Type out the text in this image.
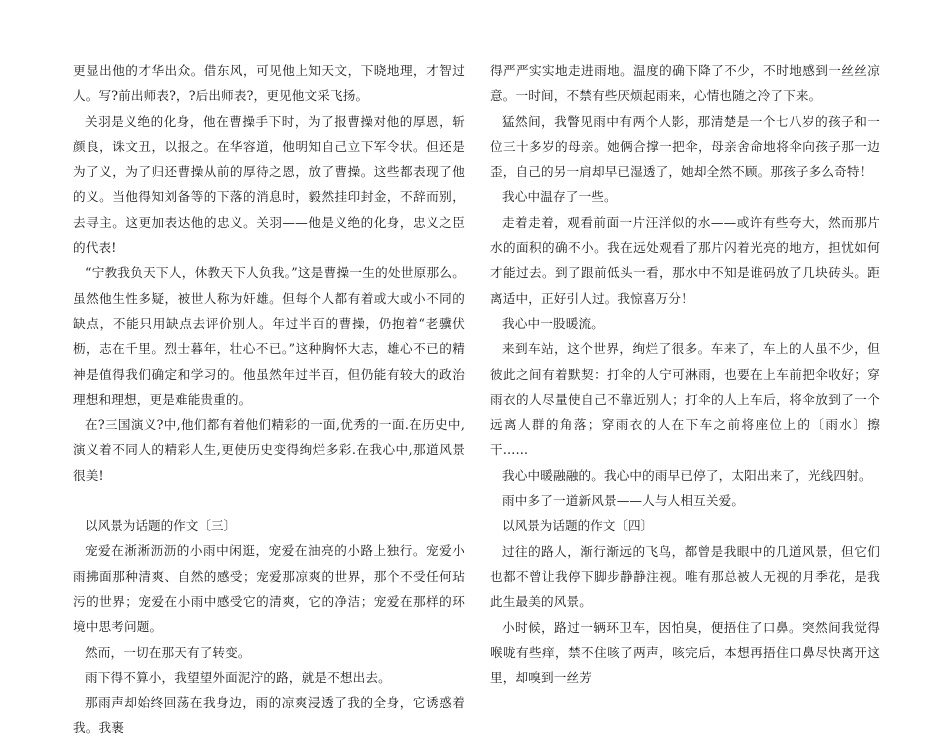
更显出他的才华出众。借东风，可见他上知天文，下晓地理，才智过人。写?前出师表?，?后出师表?，更见他文采飞扬。

关羽是义绝的化身，他在曹操手下时，为了报曹操对他的厚恩，斩颜良，诛文丑，以报之。在华容道，他明知自己立下军令状。但还是为了义，为了归还曹操从前的厚待之恩，放了曹操。这些都表现了他的义。当他得知刘备等的下落的消息时，毅然挂印封金，不辞而别，去寻主。这更加表达他的忠义。关羽——他是义绝的化身，忠义之臣的代表!

“宁教我负天下人，休教天下人负我。”这是曹操一生的处世原那么。虽然他生性多疑，被世人称为奸雄。但每个人都有着或大或小不同的缺点，不能只用缺点去评价别人。年过半百的曹操，仍抱着“老骥伏枥，志在千里。烈士暮年，壮心不已。”这种胸怀大志，雄心不已的精神是值得我们确定和学习的。他虽然年过半百，但仍能有较大的政治理想和理想，更是难能贵重的。

在?三国演义?中,他们都有着他们精彩的一面,优秀的一面.在历史中,演义着不同人的精彩人生,更使历史变得绚烂多彩.在我心中,那道风景很美!

以风景为话题的作文〔三〕

宠爱在淅淅沥沥的小雨中闲逛，宠爱在油亮的小路上独行。宠爱小雨拂面那种清爽、自然的感受；宠爱那凉爽的世界，那个不受任何玷污的世界；宠爱在小雨中感受它的清爽，它的净洁；宠爱在那样的环境中思考问题。

然而，一切在那天有了转变。

雨下得不算小，我望望外面泥泞的路，就是不想出去。

那雨声却始终回荡在我身边，雨的凉爽浸透了我的全身，它诱惑着我。我裹

得严严实实地走进雨地。温度的确下降了不少，不时地感到一丝丝凉意。一时间，不禁有些厌烦起雨来，心情也随之冷了下来。

猛然间，我瞥见雨中有两个人影，那清楚是一个七八岁的孩子和一位三十多岁的母亲。她俩合撑一把伞，母亲舍命地将伞向孩子那一边歪，自己的另一肩却早已湿透了，她却全然不顾。那孩子多么奇特！

我心中温存了一些。

走着走着，观看前面一片汪洋似的水——或许有些夸大，然而那片水的面积的确不小。我在远处观看了那片闪着光亮的地方，担忧如何才能过去。到了跟前低头一看，那水中不知是谁码放了几块砖头。距离适中，正好引人过。我惊喜万分！

我心中一股暖流。

来到车站，这个世界，绚烂了很多。车来了，车上的人虽不少，但彼此之间有着默契：打伞的人宁可淋雨，也要在上车前把伞收好；穿雨衣的人尽量使自己不靠近别人；打伞的人上车后，将伞放到了一个远离人群的角落；穿雨衣的人在下车之前将座位上的〔雨水〕擦干……

我心中暖融融的。我心中的雨早已停了，太阳出来了，光线四射。

雨中多了一道新风景——人与人相互关爱。

以风景为话题的作文〔四〕

过往的路人，渐行渐远的飞鸟，都曾是我眼中的几道风景，但它们也都不曾让我停下脚步静静注视。唯有那总被人无视的月季花，是我此生最美的风景。

小时候，路过一辆环卫车，因怕臭，便捂住了口鼻。突然间我觉得喉咙有些痒，禁不住咳了两声，咳完后，本想再捂住口鼻尽快离开这里，却嗅到一丝芳
